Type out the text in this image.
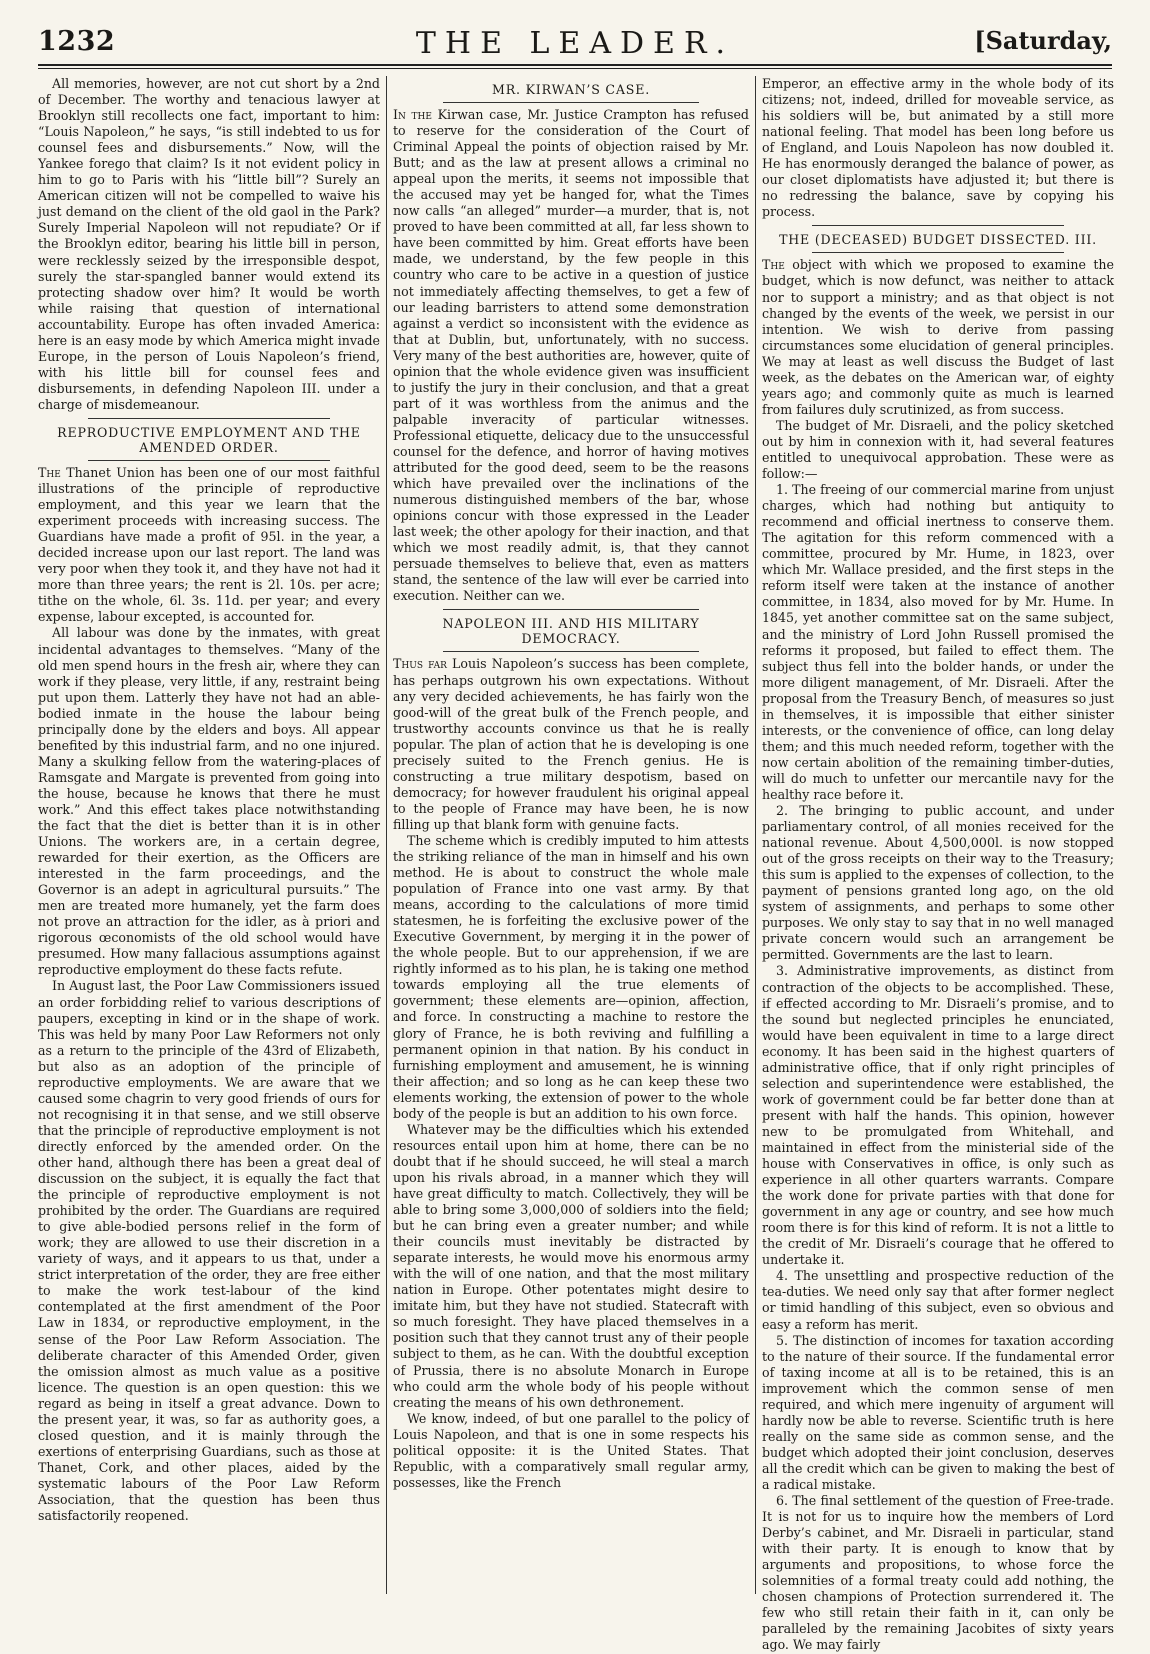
1232	THE LEADER.	[Saturday,

All memories, however, are not cut short by a 2nd of December. The worthy and tenacious lawyer at Brooklyn still recollects one fact, important to him: “Louis Napoleon,” he says, “is still indebted to us for counsel fees and disbursements.” Now, will the Yankee forego that claim? Is it not evident policy in him to go to Paris with his “little bill”? Surely an American citizen will not be compelled to waive his just demand on the client of the old gaol in the Park? Surely Imperial Napoleon will not repudiate? Or if the Brooklyn editor, bearing his little bill in person, were recklessly seized by the irresponsible despot, surely the star-spangled banner would extend its protecting shadow over him? It would be worth while raising that question of international accountability. Europe has often invaded America: here is an easy mode by which America might invade Europe, in the person of Louis Napoleon’s friend, with his little bill for counsel fees and disbursements, in defending Napoleon III. under a charge of misdemeanour.

REPRODUCTIVE EMPLOYMENT AND THE AMENDED ORDER.

The Thanet Union has been one of our most faithful illustrations of the principle of reproductive employment, and this year we learn that the experiment proceeds with increasing success. The Guardians have made a profit of 95l. in the year, a decided increase upon our last report. The land was very poor when they took it, and they have not had it more than three years; the rent is 2l. 10s. per acre; tithe on the whole, 6l. 3s. 11d. per year; and every expense, labour excepted, is accounted for.

All labour was done by the inmates, with great incidental advantages to themselves. “Many of the old men spend hours in the fresh air, where they can work if they please, very little, if any, restraint being put upon them. Latterly they have not had an able-bodied inmate in the house the labour being principally done by the elders and boys. All appear benefited by this industrial farm, and no one injured. Many a skulking fellow from the watering-places of Ramsgate and Margate is prevented from going into the house, because he knows that there he must work.” And this effect takes place notwithstanding the fact that the diet is better than it is in other Unions. The workers are, in a certain degree, rewarded for their exertion, as the Officers are interested in the farm proceedings, and the Governor is an adept in agricultural pursuits.” The men are treated more humanely, yet the farm does not prove an attraction for the idler, as à priori and rigorous œconomists of the old school would have presumed. How many fallacious assumptions against reproductive employment do these facts refute.

In August last, the Poor Law Commissioners issued an order forbidding relief to various descriptions of paupers, excepting in kind or in the shape of work. This was held by many Poor Law Reformers not only as a return to the principle of the 43rd of Elizabeth, but also as an adoption of the principle of reproductive employments. We are aware that we caused some chagrin to very good friends of ours for not recognising it in that sense, and we still observe that the principle of reproductive employment is not directly enforced by the amended order. On the other hand, although there has been a great deal of discussion on the subject, it is equally the fact that the principle of reproductive employment is not prohibited by the order. The Guardians are required to give able-bodied persons relief in the form of work; they are allowed to use their discretion in a variety of ways, and it appears to us that, under a strict interpretation of the order, they are free either to make the work test-labour of the kind contemplated at the first amendment of the Poor Law in 1834, or reproductive employment, in the sense of the Poor Law Reform Association. The deliberate character of this Amended Order, given the omission almost as much value as a positive licence. The question is an open question: this we regard as being in itself a great advance. Down to the present year, it was, so far as authority goes, a closed question, and it is mainly through the exertions of enterprising Guardians, such as those at Thanet, Cork, and other places, aided by the systematic labours of the Poor Law Reform Association, that the question has been thus satisfactorily reopened.

MR. KIRWAN’S CASE.

In the Kirwan case, Mr. Justice Crampton has refused to reserve for the consideration of the Court of Criminal Appeal the points of objection raised by Mr. Butt; and as the law at present allows a criminal no appeal upon the merits, it seems not impossible that the accused may yet be hanged for, what the Times now calls “an alleged” murder—a murder, that is, not proved to have been committed at all, far less shown to have been committed by him. Great efforts have been made, we understand, by the few people in this country who care to be active in a question of justice not immediately affecting themselves, to get a few of our leading barristers to attend some demonstration against a verdict so inconsistent with the evidence as that at Dublin, but, unfortunately, with no success. Very many of the best authorities are, however, quite of opinion that the whole evidence given was insufficient to justify the jury in their conclusion, and that a great part of it was worthless from the animus and the palpable inveracity of particular witnesses. Professional etiquette, delicacy due to the unsuccessful counsel for the defence, and horror of having motives attributed for the good deed, seem to be the reasons which have prevailed over the inclinations of the numerous distinguished members of the bar, whose opinions concur with those expressed in the Leader last week; the other apology for their inaction, and that which we most readily admit, is, that they cannot persuade themselves to believe that, even as matters stand, the sentence of the law will ever be carried into execution. Neither can we.

NAPOLEON III. AND HIS MILITARY DEMOCRACY.

Thus far Louis Napoleon’s success has been complete, has perhaps outgrown his own expectations. Without any very decided achievements, he has fairly won the good-will of the great bulk of the French people, and trustworthy accounts convince us that he is really popular. The plan of action that he is developing is one precisely suited to the French genius. He is constructing a true military despotism, based on democracy; for however fraudulent his original appeal to the people of France may have been, he is now filling up that blank form with genuine facts.

The scheme which is credibly imputed to him attests the striking reliance of the man in himself and his own method. He is about to construct the whole male population of France into one vast army. By that means, according to the calculations of more timid statesmen, he is forfeiting the exclusive power of the Executive Government, by merging it in the power of the whole people. But to our apprehension, if we are rightly informed as to his plan, he is taking one method towards employing all the true elements of government; these elements are—opinion, affection, and force. In constructing a machine to restore the glory of France, he is both reviving and fulfilling a permanent opinion in that nation. By his conduct in furnishing employment and amusement, he is winning their affection; and so long as he can keep these two elements working, the extension of power to the whole body of the people is but an addition to his own force.

Whatever may be the difficulties which his extended resources entail upon him at home, there can be no doubt that if he should succeed, he will steal a march upon his rivals abroad, in a manner which they will have great difficulty to match. Collectively, they will be able to bring some 3,000,000 of soldiers into the field; but he can bring even a greater number; and while their councils must inevitably be distracted by separate interests, he would move his enormous army with the will of one nation, and that the most military nation in Europe. Other potentates might desire to imitate him, but they have not studied. Statecraft with so much foresight. They have placed themselves in a position such that they cannot trust any of their people subject to them, as he can. With the doubtful exception of Prussia, there is no absolute Monarch in Europe who could arm the whole body of his people without creating the means of his own dethronement.

We know, indeed, of but one parallel to the policy of Louis Napoleon, and that is one in some respects his political opposite: it is the United States. That Republic, with a comparatively small regular army, possesses, like the French

Emperor, an effective army in the whole body of its citizens; not, indeed, drilled for moveable service, as his soldiers will be, but animated by a still more national feeling. That model has been long before us of England, and Louis Napoleon has now doubled it. He has enormously deranged the balance of power, as our closet diplomatists have adjusted it; but there is no redressing the balance, save by copying his process.

THE (DECEASED) BUDGET DISSECTED. III.

The object with which we proposed to examine the budget, which is now defunct, was neither to attack nor to support a ministry; and as that object is not changed by the events of the week, we persist in our intention. We wish to derive from passing circumstances some elucidation of general principles. We may at least as well discuss the Budget of last week, as the debates on the American war, of eighty years ago; and commonly quite as much is learned from failures duly scrutinized, as from success.

The budget of Mr. Disraeli, and the policy sketched out by him in connexion with it, had several features entitled to unequivocal approbation. These were as follow:—

1. The freeing of our commercial marine from unjust charges, which had nothing but antiquity to recommend and official inertness to conserve them. The agitation for this reform commenced with a committee, procured by Mr. Hume, in 1823, over which Mr. Wallace presided, and the first steps in the reform itself were taken at the instance of another committee, in 1834, also moved for by Mr. Hume. In 1845, yet another committee sat on the same subject, and the ministry of Lord John Russell promised the reforms it proposed, but failed to effect them. The subject thus fell into the bolder hands, or under the more diligent management, of Mr. Disraeli. After the proposal from the Treasury Bench, of measures so just in themselves, it is impossible that either sinister interests, or the convenience of office, can long delay them; and this much needed reform, together with the now certain abolition of the remaining timber-duties, will do much to unfetter our mercantile navy for the healthy race before it.

2. The bringing to public account, and under parliamentary control, of all monies received for the national revenue. About 4,500,000l. is now stopped out of the gross receipts on their way to the Treasury; this sum is applied to the expenses of collection, to the payment of pensions granted long ago, on the old system of assignments, and perhaps to some other purposes. We only stay to say that in no well managed private concern would such an arrangement be permitted. Governments are the last to learn.

3. Administrative improvements, as distinct from contraction of the objects to be accomplished. These, if effected according to Mr. Disraeli’s promise, and to the sound but neglected principles he enunciated, would have been equivalent in time to a large direct economy. It has been said in the highest quarters of administrative office, that if only right principles of selection and superintendence were established, the work of government could be far better done than at present with half the hands. This opinion, however new to be promulgated from Whitehall, and maintained in effect from the ministerial side of the house with Conservatives in office, is only such as experience in all other quarters warrants. Compare the work done for private parties with that done for government in any age or country, and see how much room there is for this kind of reform. It is not a little to the credit of Mr. Disraeli’s courage that he offered to undertake it.

4. The unsettling and prospective reduction of the tea-duties. We need only say that after former neglect or timid handling of this subject, even so obvious and easy a reform has merit.

5. The distinction of incomes for taxation according to the nature of their source. If the fundamental error of taxing income at all is to be retained, this is an improvement which the common sense of men required, and which mere ingenuity of argument will hardly now be able to reverse. Scientific truth is here really on the same side as common sense, and the budget which adopted their joint conclusion, deserves all the credit which can be given to making the best of a radical mistake.

6. The final settlement of the question of Free-trade. It is not for us to inquire how the members of Lord Derby’s cabinet, and Mr. Disraeli in particular, stand with their party. It is enough to know that by arguments and propositions, to whose force the solemnities of a formal treaty could add nothing, the chosen champions of Protection surrendered it. The few who still retain their faith in it, can only be paralleled by the remaining Jacobites of sixty years ago. We may fairly
